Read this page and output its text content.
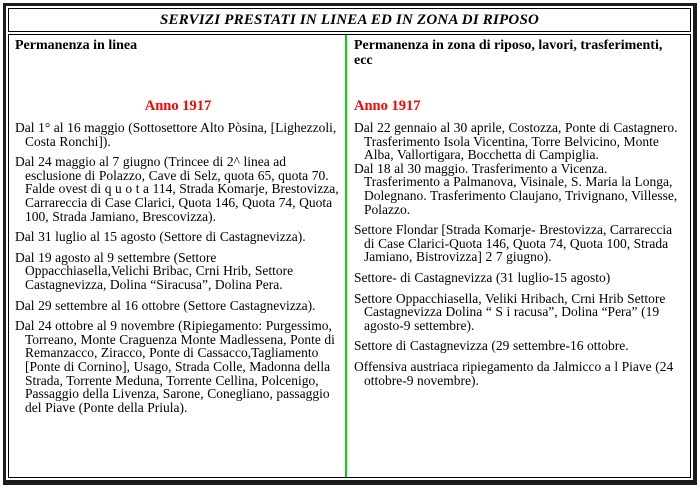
SERVIZI PRESTATI IN LINEA ED IN ZONA DI RIPOSO
Permanenza in linea
Anno 1917

Dal 1° al 16 maggio (Sottosettore Alto Pòsina, [Lighezzoli, Costa Ronchi]).

Dal 24 maggio al 7 giugno (Trincee di 2^ linea ad esclusione di Polazzo, Cave di Selz, quota 65, quota 70. Falde ovest di q u o t a 114, Strada Komarje, Brestovizza, Carrareccia di Case Clarici, Quota 146, Quota 74, Quota 100, Strada Jamiano, Brescovizza).

Dal 31 luglio al 15 agosto (Settore di Castagnevizza).

Dal 19 agosto al 9 settembre (Settore Oppacchiasella,Velichi Bribac, Crni Hrib, Settore Castagnevizza, Dolina “Siracusa”, Dolina Pera.

Dal 29 settembre al 16 ottobre (Settore Castagnevizza).

Dal 24 ottobre al 9 novembre (Ripiegamento: Purgessimo, Torreano, Monte Craguenza Monte Madlessena, Ponte di Remanzacco, Ziracco, Ponte di Cassacco,Tagliamento [Ponte di Cornino], Usago, Strada Colle, Madonna della Strada, Torrente Meduna, Torrente Cellina, Polcenigo, Passaggio della Livenza, Sarone, Conegliano, passaggio del Piave (Ponte della Priula).

Permanenza in zona di riposo, lavori, trasferimenti,
ecc
Anno 1917

Dal 22 gennaio al 30 aprile, Costozza, Ponte di Castagnero. Trasferimento Isola Vicentina, Torre Belvicino, Monte Alba, Vallortigara, Bocchetta di Campiglia.

Dal 18 al 30 maggio. Trasferimento a Vicenza. Trasferimento a Palmanova, Visinale, S. Maria la Longa, Dolegnano. Trasferimento Claujano, Trivignano, Villesse, Polazzo.

Settore Flondar [Strada Komarje- Brestovizza, Carrareccia di Case Clarici-Quota 146, Quota 74, Quota 100, Strada Jamiano, Bistrovizza] 2 7 giugno).

Settore- di Castagnevizza (31 luglio-15 agosto)

Settore Oppacchiasella, Veliki Hribach, Crni Hrib Settore Castagnevizza Dolina “ S i racusa”, Dolina “Pera” (19 agosto-9 settembre).

Settore di Castagnevizza (29 settembre-16 ottobre.

Offensiva austriaca ripiegamento da Jalmicco a l Piave (24 ottobre-9 novembre).
